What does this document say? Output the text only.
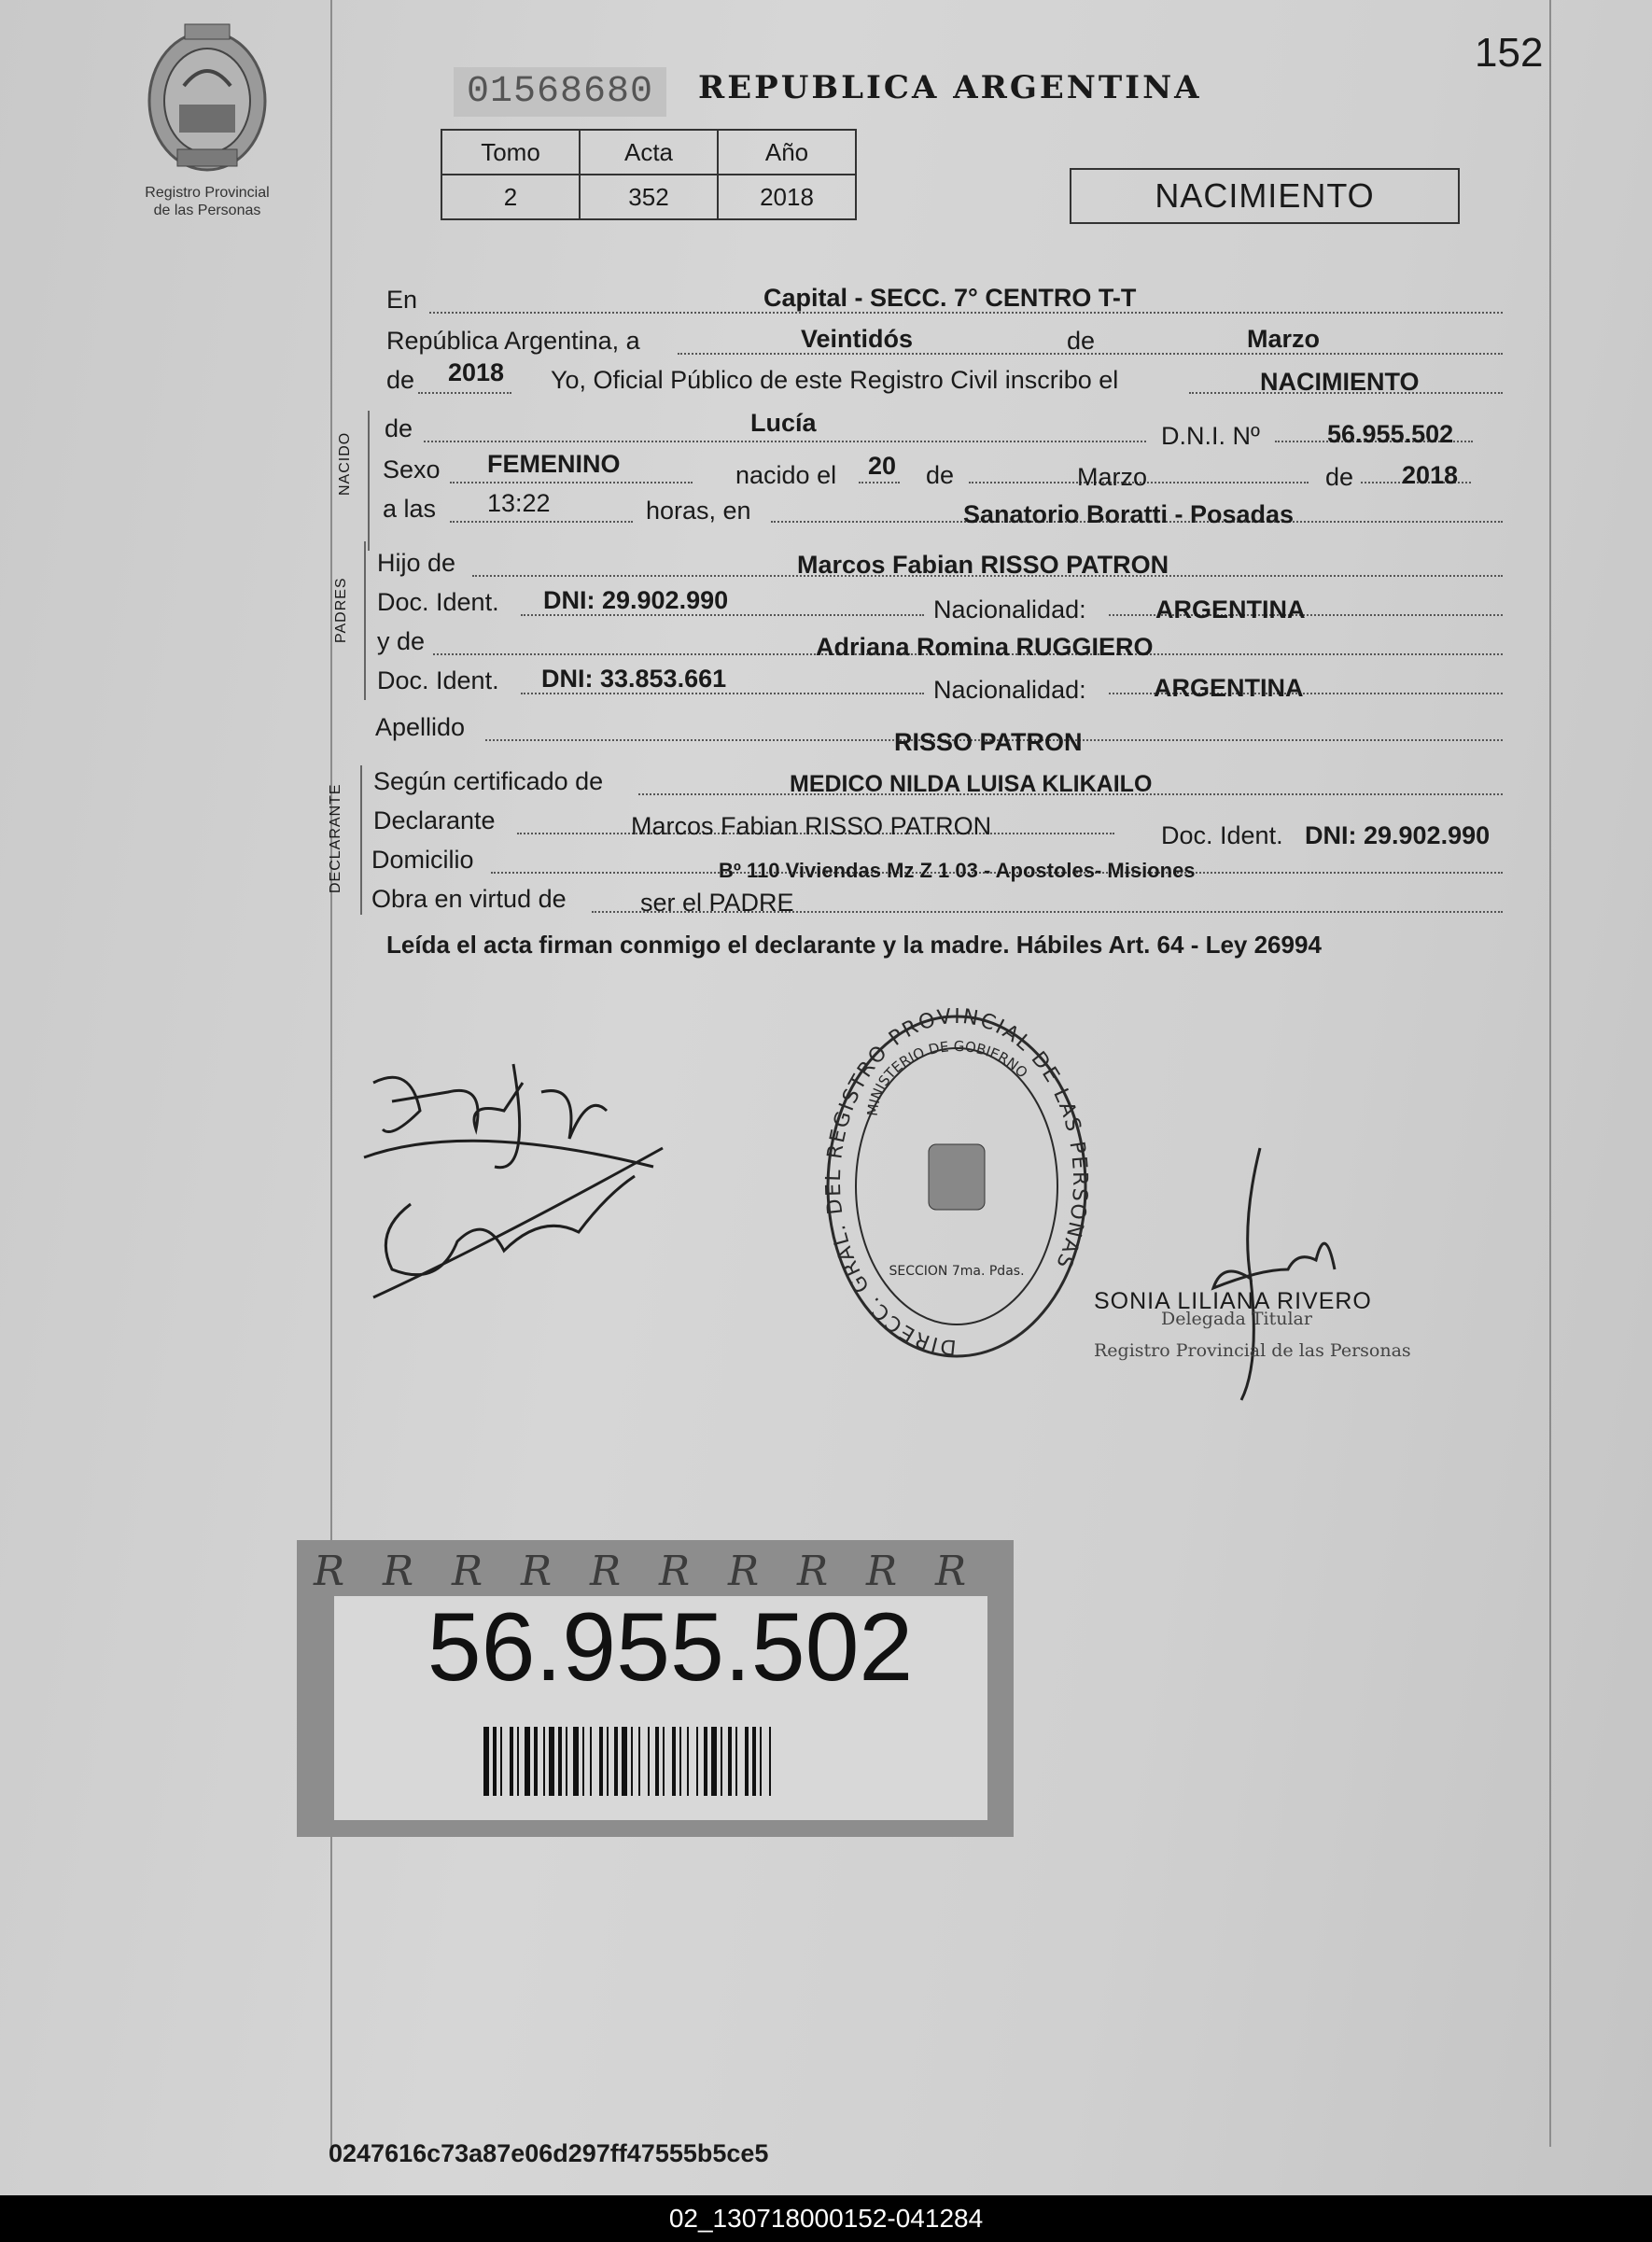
Registro Provincial
de las Personas
01568680	REPUBLICA ARGENTINA
152
Tomo	Acta	Año
2	352	2018	NACIMIENTO
NACIDO
PADRES
DECLARANTE
En	Capital - SECC. 7° CENTRO T-T
República Argentina, a	Veintidós	de	Marzo
de 2018 Yo, Oficial Público de este Registro Civil inscribo el	NACIMIENTO
de	Lucía	D.N.I. Nº	56.955.502
Sexo FEMENINO	nacido el 20 de	Marzo	de 2018
a las 13:22	horas, en	Sanatorio Boratti - Posadas
Hijo de	Marcos Fabian RISSO PATRON
Doc. Ident. DNI: 29.902.990	Nacionalidad:	ARGENTINA
y de	Adriana Romina RUGGIERO
Doc. Ident. DNI: 33.853.661	Nacionalidad:	ARGENTINA
Apellido
RISSO PATRON
Según certificado de	MEDICO NILDA LUISA KLIKAILO
Declarante	Marcos Fabian RISSO PATRON	Doc. Ident. DNI: 29.902.990
Domicilio	Bº 110 Viviendas Mz Z 1 03 - Apostoles- Misiones
Obra en virtud de	ser el PADRE
Leída el acta firman conmigo el declarante y la madre. Hábiles Art. 64 - Ley 26994
DIRECC. GRAL. DEL REGISTRO PROVINCIAL DE LAS PERSONAS
MINISTERIO DE GOBIERNO
SECCION 7ma. Pdas.
SONIA LILIANA RIVERO
Delegada Titular
Registro Provincial de las Personas
R R R R R R R R R R
56.955.502
0247616c73a87e06d297ff47555b5ce5
02_130718000152-041284
